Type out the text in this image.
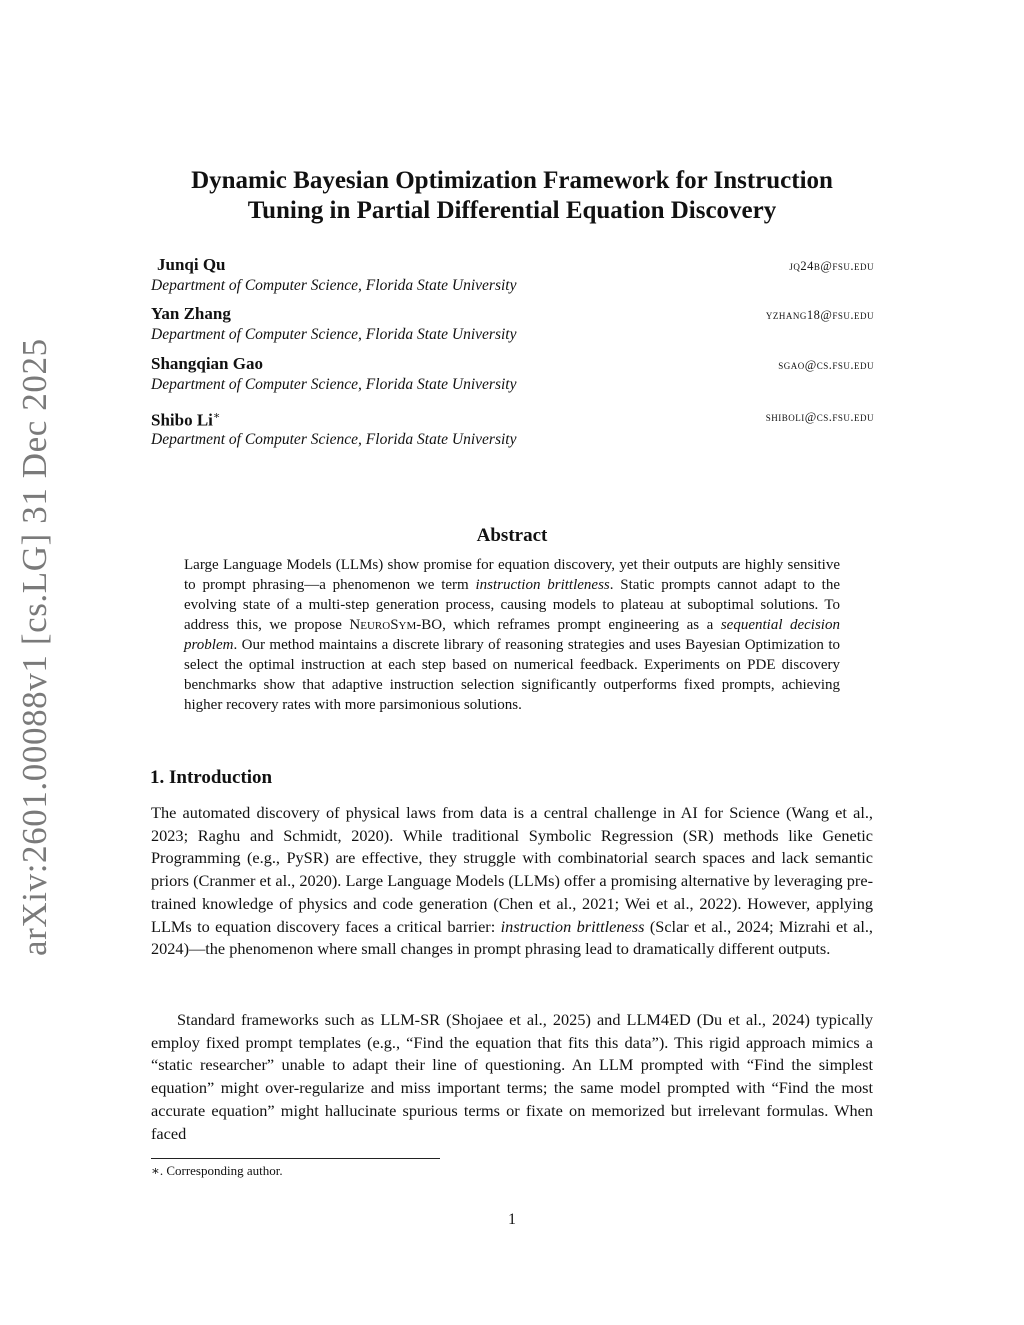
arXiv:2601.00088v1 [cs.LG] 31 Dec 2025
Dynamic Bayesian Optimization Framework for Instruction
Tuning in Partial Differential Equation Discovery
Junqi Qu	jq24b@fsu.edu
Department of Computer Science, Florida State University
Yan Zhang	yzhang18@fsu.edu
Department of Computer Science, Florida State University
Shangqian Gao	sgao@cs.fsu.edu
Department of Computer Science, Florida State University
Shibo Li∗	shiboli@cs.fsu.edu
Department of Computer Science, Florida State University
Abstract
Large Language Models (LLMs) show promise for equation discovery, yet their outputs are highly sensitive to prompt phrasing—a phenomenon we term instruction brittleness. Static prompts cannot adapt to the evolving state of a multi-step generation process, causing models to plateau at suboptimal solutions. To address this, we propose NeuroSym-BO, which reframes prompt engineering as a sequential decision problem. Our method maintains a discrete library of reasoning strategies and uses Bayesian Optimization to select the optimal instruction at each step based on numerical feedback. Experiments on PDE discovery benchmarks show that adaptive instruction selection significantly outperforms fixed prompts, achieving higher recovery rates with more parsimonious solutions.
1. Introduction
The automated discovery of physical laws from data is a central challenge in AI for Science (Wang et al., 2023; Raghu and Schmidt, 2020). While traditional Symbolic Regression (SR) methods like Genetic Programming (e.g., PySR) are effective, they struggle with combinatorial search spaces and lack semantic priors (Cranmer et al., 2020). Large Language Models (LLMs) offer a promising alternative by leveraging pre-trained knowledge of physics and code generation (Chen et al., 2021; Wei et al., 2022). However, applying LLMs to equation discovery faces a critical barrier: instruction brittleness (Sclar et al., 2024; Mizrahi et al., 2024)—the phenomenon where small changes in prompt phrasing lead to dramatically different outputs.
Standard frameworks such as LLM-SR (Shojaee et al., 2025) and LLM4ED (Du et al., 2024) typically employ fixed prompt templates (e.g., “Find the equation that fits this data”). This rigid approach mimics a “static researcher” unable to adapt their line of questioning. An LLM prompted with “Find the simplest equation” might over-regularize and miss important terms; the same model prompted with “Find the most accurate equation” might hallucinate spurious terms or fixate on memorized but irrelevant formulas. When faced
∗. Corresponding author.
1
